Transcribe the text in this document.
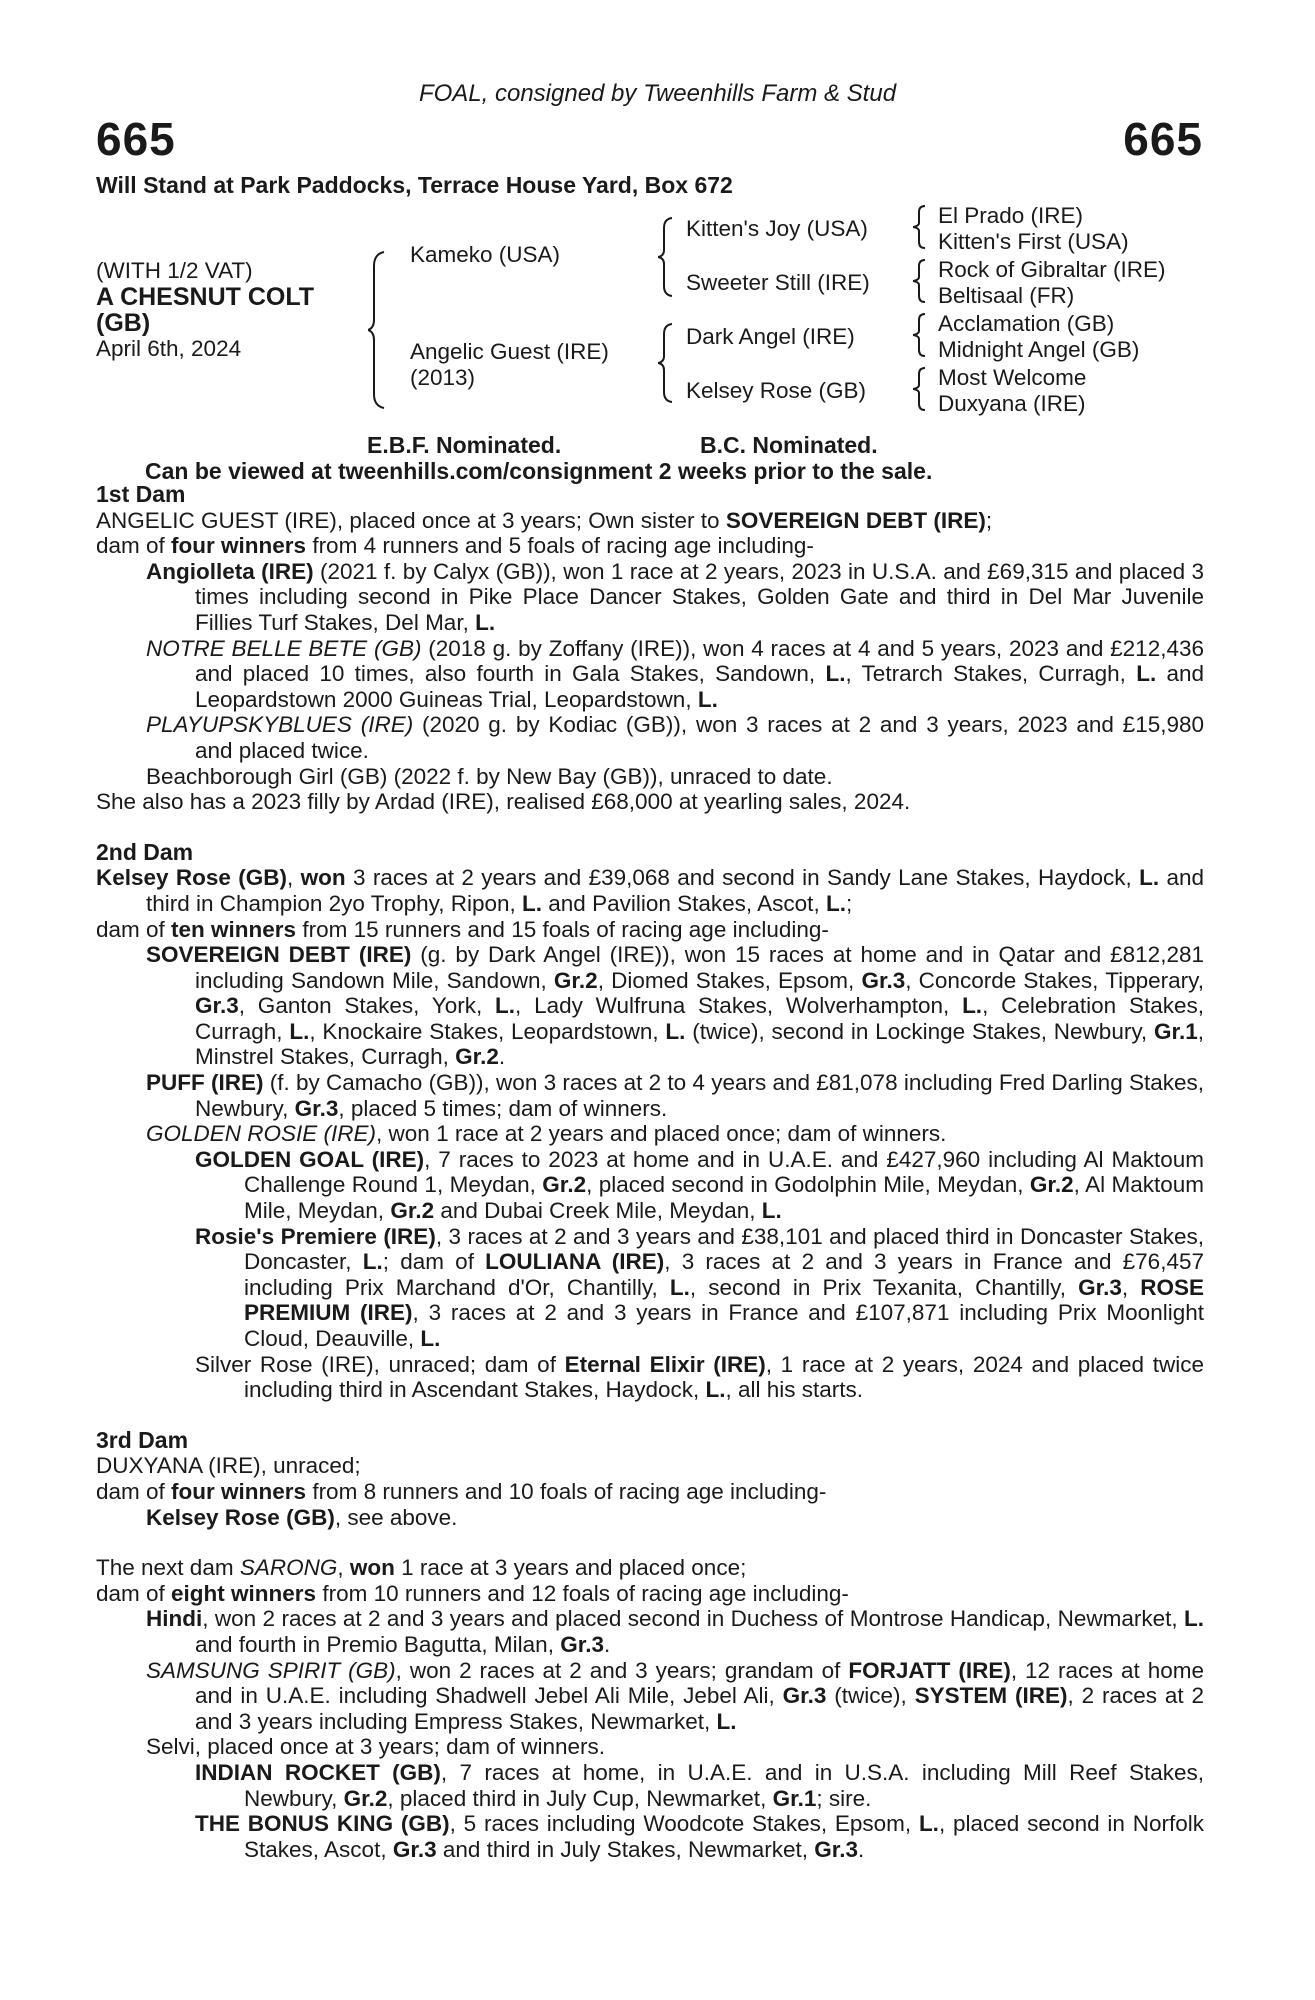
FOAL, consigned by Tweenhills Farm & Stud
665	665
Will Stand at Park Paddocks, Terrace House Yard, Box 672
(WITH 1/2 VAT)
A CHESNUT COLT
(GB)
April 6th, 2024
Kameko (USA)
Angelic Guest (IRE)
(2013)
Kitten's Joy (USA)
Sweeter Still (IRE)
Dark Angel (IRE)
Kelsey Rose (GB)
El Prado (IRE)
Kitten's First (USA)
Rock of Gibraltar (IRE)
Beltisaal (FR)
Acclamation (GB)
Midnight Angel (GB)
Most Welcome
Duxyana (IRE)
E.B.F. Nominated.	B.C. Nominated.
Can be viewed at tweenhills.com/consignment 2 weeks prior to the sale.

1st Dam

ANGELIC GUEST (IRE), placed once at 3 years; Own sister to SOVEREIGN DEBT (IRE);

dam of four winners from 4 runners and 5 foals of racing age including-

Angiolleta (IRE) (2021 f. by Calyx (GB)), won 1 race at 2 years, 2023 in U.S.A. and £69,315 and placed 3 times including second in Pike Place Dancer Stakes, Golden Gate and third in Del Mar Juvenile Fillies Turf Stakes, Del Mar, L.

NOTRE BELLE BETE (GB) (2018 g. by Zoffany (IRE)), won 4 races at 4 and 5 years, 2023 and £212,436 and placed 10 times, also fourth in Gala Stakes, Sandown, L., Tetrarch Stakes, Curragh, L. and Leopardstown 2000 Guineas Trial, Leopardstown, L.

PLAYUPSKYBLUES (IRE) (2020 g. by Kodiac (GB)), won 3 races at 2 and 3 years, 2023 and £15,980 and placed twice.

Beachborough Girl (GB) (2022 f. by New Bay (GB)), unraced to date.

She also has a 2023 filly by Ardad (IRE), realised £68,000 at yearling sales, 2024.

2nd Dam

Kelsey Rose (GB), won 3 races at 2 years and £39,068 and second in Sandy Lane Stakes, Haydock, L. and third in Champion 2yo Trophy, Ripon, L. and Pavilion Stakes, Ascot, L.;

dam of ten winners from 15 runners and 15 foals of racing age including-

SOVEREIGN DEBT (IRE) (g. by Dark Angel (IRE)), won 15 races at home and in Qatar and £812,281 including Sandown Mile, Sandown, Gr.2, Diomed Stakes, Epsom, Gr.3, Concorde Stakes, Tipperary, Gr.3, Ganton Stakes, York, L., Lady Wulfruna Stakes, Wolverhampton, L., Celebration Stakes, Curragh, L., Knockaire Stakes, Leopardstown, L. (twice), second in Lockinge Stakes, Newbury, Gr.1, Minstrel Stakes, Curragh, Gr.2.

PUFF (IRE) (f. by Camacho (GB)), won 3 races at 2 to 4 years and £81,078 including Fred Darling Stakes, Newbury, Gr.3, placed 5 times; dam of winners.

GOLDEN ROSIE (IRE), won 1 race at 2 years and placed once; dam of winners.

GOLDEN GOAL (IRE), 7 races to 2023 at home and in U.A.E. and £427,960 including Al Maktoum Challenge Round 1, Meydan, Gr.2, placed second in Godolphin Mile, Meydan, Gr.2, Al Maktoum Mile, Meydan, Gr.2 and Dubai Creek Mile, Meydan, L.

Rosie's Premiere (IRE), 3 races at 2 and 3 years and £38,101 and placed third in Doncaster Stakes, Doncaster, L.; dam of LOULIANA (IRE), 3 races at 2 and 3 years in France and £76,457 including Prix Marchand d'Or, Chantilly, L., second in Prix Texanita, Chantilly, Gr.3, ROSE PREMIUM (IRE), 3 races at 2 and 3 years in France and £107,871 including Prix Moonlight Cloud, Deauville, L.

Silver Rose (IRE), unraced; dam of Eternal Elixir (IRE), 1 race at 2 years, 2024 and placed twice including third in Ascendant Stakes, Haydock, L., all his starts.

3rd Dam

DUXYANA (IRE), unraced;

dam of four winners from 8 runners and 10 foals of racing age including-

Kelsey Rose (GB), see above.

The next dam SARONG, won 1 race at 3 years and placed once;

dam of eight winners from 10 runners and 12 foals of racing age including-

Hindi, won 2 races at 2 and 3 years and placed second in Duchess of Montrose Handicap, Newmarket, L. and fourth in Premio Bagutta, Milan, Gr.3.

SAMSUNG SPIRIT (GB), won 2 races at 2 and 3 years; grandam of FORJATT (IRE), 12 races at home and in U.A.E. including Shadwell Jebel Ali Mile, Jebel Ali, Gr.3 (twice), SYSTEM (IRE), 2 races at 2 and 3 years including Empress Stakes, Newmarket, L.

Selvi, placed once at 3 years; dam of winners.

INDIAN ROCKET (GB), 7 races at home, in U.A.E. and in U.S.A. including Mill Reef Stakes, Newbury, Gr.2, placed third in July Cup, Newmarket, Gr.1; sire.

THE BONUS KING (GB), 5 races including Woodcote Stakes, Epsom, L., placed second in Norfolk Stakes, Ascot, Gr.3 and third in July Stakes, Newmarket, Gr.3.
